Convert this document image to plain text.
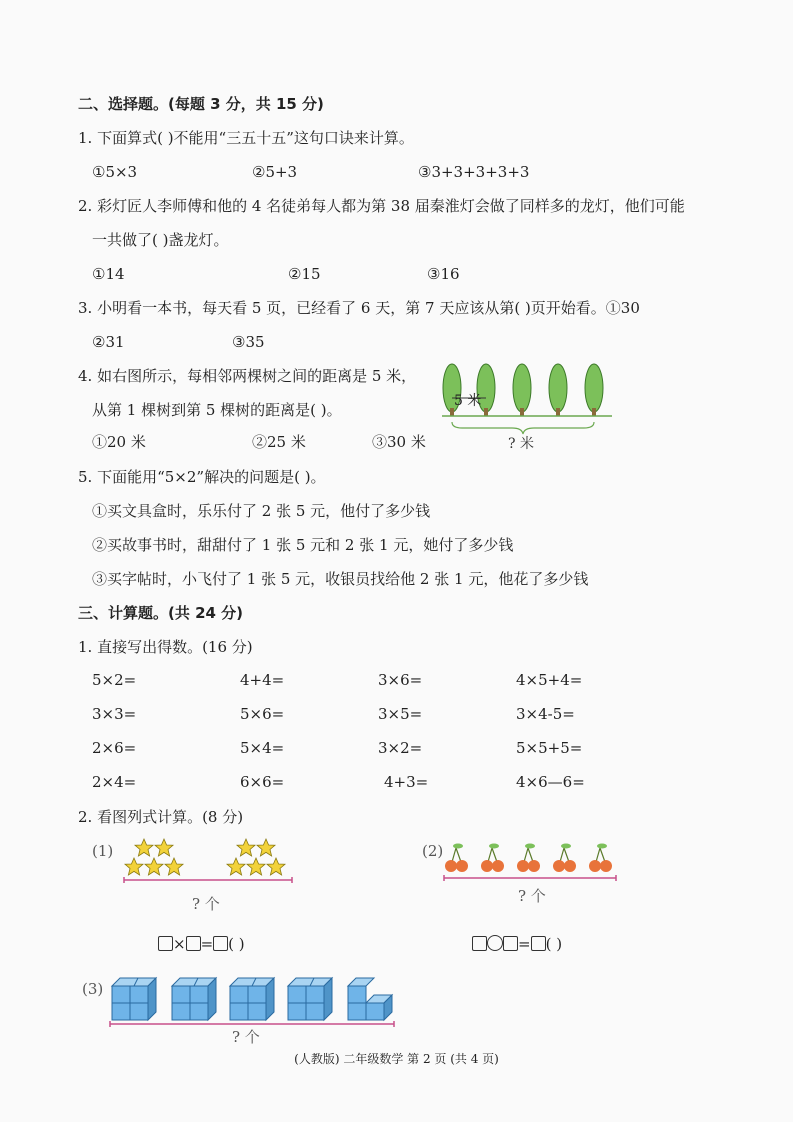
二、选择题。(每题 3 分，共 15 分)
1. 下面算式( )不能用“三五十五”这句口诀来计算。
①5×3	②5+3	③3+3+3+3+3
2. 彩灯匠人李师傅和他的 4 名徒弟每人都为第 38 届秦淮灯会做了同样多的龙灯，他们可能
一共做了( )盏龙灯。
①14	②15	③16
3. 小明看一本书，每天看 5 页，已经看了 6 天，第 7 天应该从第( )页开始看。①30
②31	③35
4. 如右图所示，每相邻两棵树之间的距离是 5 米，
从第 1 棵树到第 5 棵树的距离是( )。
①20 米	②25 米	③30 米
5 米
? 米
5. 下面能用“5×2”解决的问题是( )。
①买文具盒时，乐乐付了 2 张 5 元，他付了多少钱
②买故事书时，甜甜付了 1 张 5 元和 2 张 1 元，她付了多少钱
③买字帖时，小飞付了 1 张 5 元，收银员找给他 2 张 1 元，他花了多少钱
三、计算题。(共 24 分)
1. 直接写出得数。(16 分)
5×2=	4+4=	3×6=	4×5+4=
3×3=	5×6=	3×5=	3×4-5=
2×6=	5×4=	3×2=	5×5+5=
2×4=	6×6=	4+3=	4×6—6=
2. 看图列式计算。(8 分)
(1)
? 个
× = ( )
(2)
? 个
= ( )
(3)
? 个
(人教版) 二年级数学 第 2 页 (共 4 页)
